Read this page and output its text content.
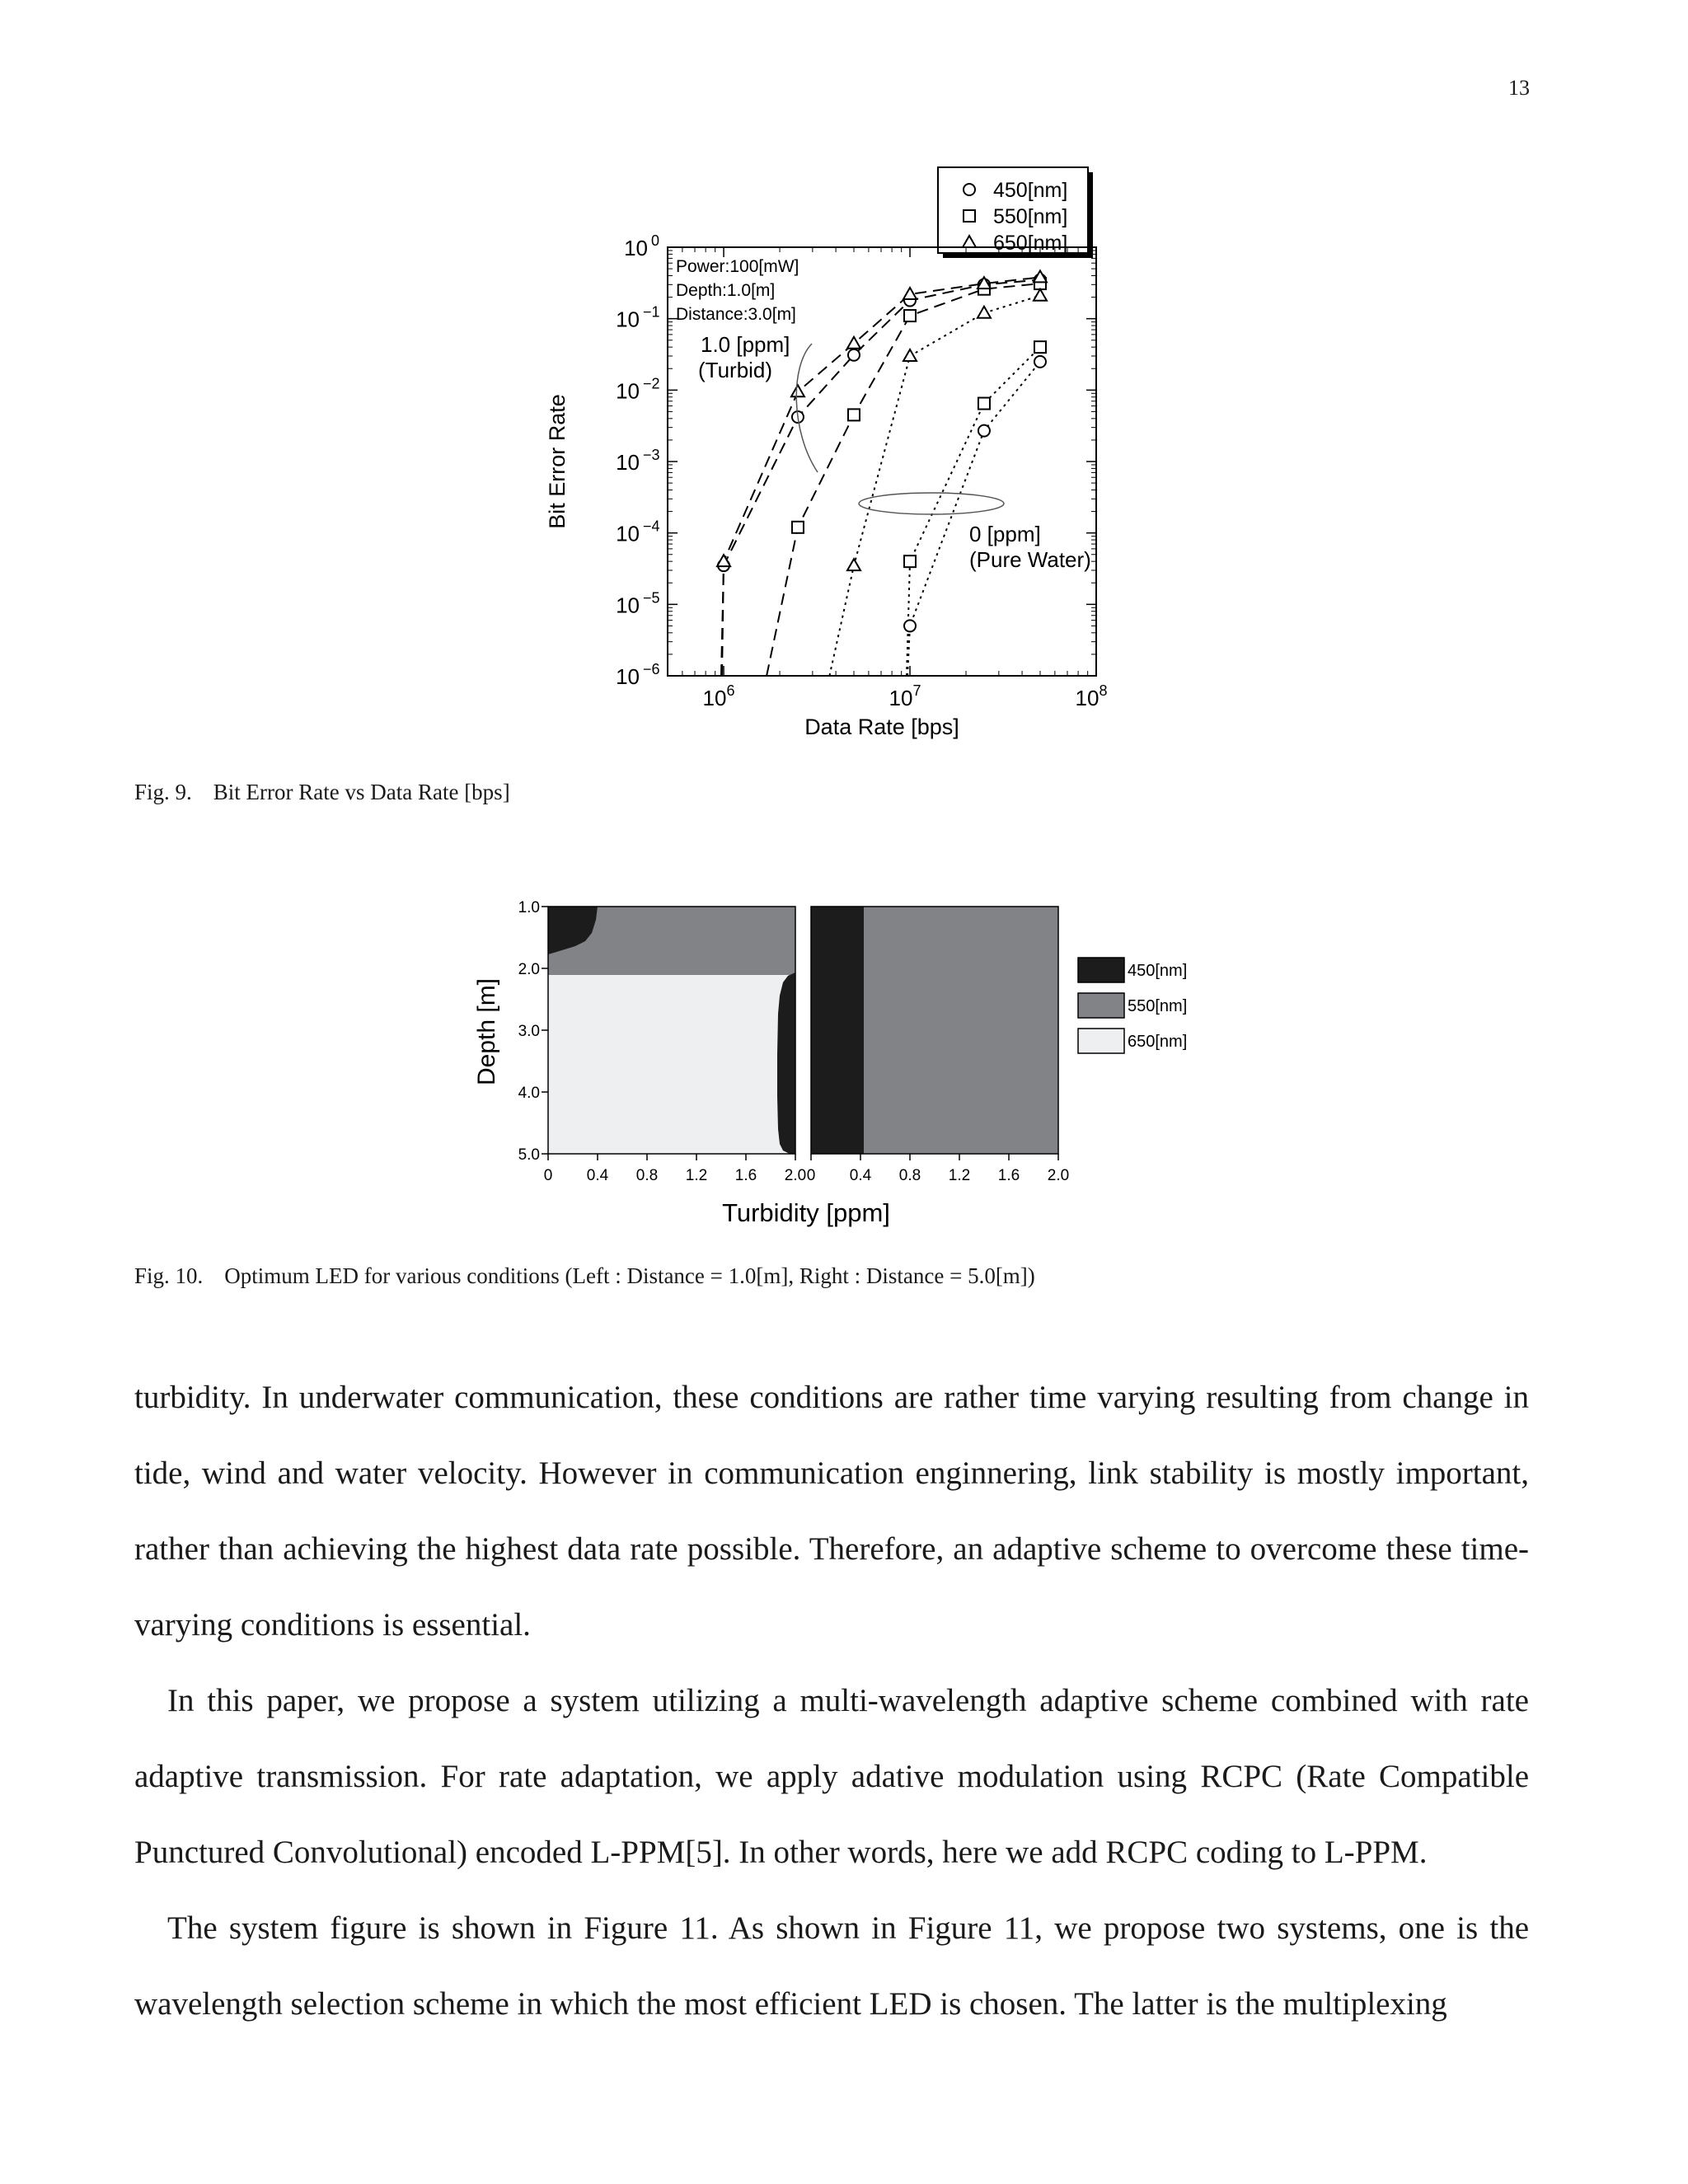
13
450[nm]
550[nm]
650[nm]
10 0
10 −1
10 −2
10 −3
10 −4
10 −5
10 −6
$10^6$	$10^7$	$10^8$
Power:100[mW]
Depth:1.0[m]
Distance:3.0[m]
1.0 [ppm]
(Turbid)
0 [ppm]
(Pure Water)
Bit Error Rate
Data Rate [bps]
Fig. 9. Bit Error Rate vs Data Rate [bps]
1.0
2.0
3.0
4.0
5.0
0 0.4 0.8 1.2 1.6 2.0 0 0.4 0.8 1.2 1.6 2.0
Depth [m]
Turbidity [ppm]
450[nm]
550[nm]
650[nm]
Fig. 10. Optimum LED for various conditions (Left : Distance = 1.0[m], Right : Distance = 5.0[m])

turbidity. In underwater communication, these conditions are rather time varying resulting from change in tide, wind and water velocity. However in communication enginnering, link stability is mostly important, rather than achieving the highest data rate possible. Therefore, an adaptive scheme to overcome these time-varying conditions is essential.

In this paper, we propose a system utilizing a multi-wavelength adaptive scheme combined with rate adaptive transmission. For rate adaptation, we apply adative modulation using RCPC (Rate Compatible Punctured Convolutional) encoded L-PPM[5]. In other words, here we add RCPC coding to L-PPM.

The system figure is shown in Figure 11. As shown in Figure 11, we propose two systems, one is the wavelength selection scheme in which the most efficient LED is chosen. The latter is the multiplexing
